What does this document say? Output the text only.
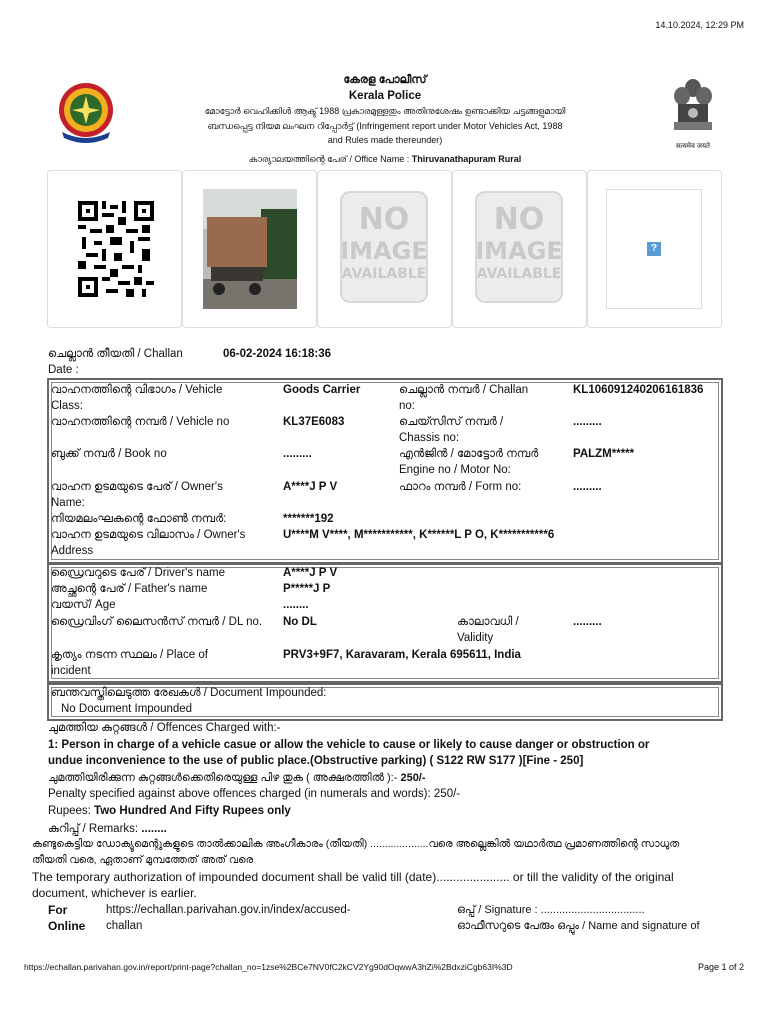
14.10.2024, 12:29 PM
सत्यमेव जयते
കേരള പോലീസ്
Kerala Police
മോട്ടോർ വെഹിക്കിൾ ആക്ട് 1988 പ്രകാരമുള്ളതും അതിനുശേഷം ഉണ്ടാക്കിയ ചട്ടങ്ങളുമായി
ബന്ധപ്പെട്ട നിയമ ലംഘന റിപ്പോർട്ട് (Infringement report under Motor Vehicles Act, 1988
and Rules made thereunder)
കാര്യാലയത്തിന്റെ പേര് / Office Name : Thiruvanathapuram Rural
NO
IMAGE
AVAILABLE
NO
IMAGE
AVAILABLE
?
ചെല്ലാൻ തീയതി / Challan
Date :
06-02-2024 16:18:36
വാഹനത്തിന്റെ വിഭാഗം / Vehicle
Class:
Goods Carrier	ചെല്ലാൻ നമ്പർ / Challan
no:
KL106091240206161836
വാഹനത്തിന്റെ നമ്പർ / Vehicle no	KL37E6083	ചെയ്സിസ് നമ്പർ /
Chassis no:
.........
ബുക്ക് നമ്പർ / Book no	.........	എൻജിൻ / മോട്ടോർ നമ്പർ
Engine no / Motor No:
PALZM*****
വാഹന ഉടമയുടെ പേര് / Owner's
Name:
A****J P V	ഫാറം നമ്പർ / Form no:	.........
നിയമലംഘകന്റെ ഫോൺ നമ്പർ:	*******192
വാഹന ഉടമയുടെ വിലാസം / Owner's
Address
U****M V****, M***********, K******L P O, K***********6
ഡ്രൈവറുടെ പേര് / Driver's name	A****J P V
അച്ഛന്റെ പേര് / Father's name	P*****J P
വയസ്/ Age	........
ഡ്രൈവിംഗ് ലൈസൻസ് നമ്പർ / DL no. No DL	കാലാവധി /
Validity
.........
കൃത്യം നടന്ന സ്ഥലം / Place of
incident
PRV3+9F7, Karavaram, Kerala 695611, India
ബന്തവസ്തിലെടുത്ത രേഖകൾ / Document Impounded:
No Document Impounded
ചുമത്തിയ കുറ്റങ്ങൾ / Offences Charged with:-
1: Person in charge of a vehicle casue or allow the vehicle to cause or likely to cause danger or obstruction or
undue inconvenience to the use of public place.(Obstructive parking) ( S122 RW S177 )[Fine - 250]
ചുമത്തിയിരിക്കുന്ന കുറ്റങ്ങൾക്കെതിരെയുള്ള പിഴ തുക ( അക്ഷരത്തിൽ ):- 250/-
Penalty specified against above offences charged (in numerals and words): 250/-
Rupees: Two Hundred And Fifty Rupees only
കുറിപ്പ് / Remarks: ........
കണ്ടുകെട്ടിയ ഡോക്യുമെന്റുകളുടെ താൽക്കാലിക അംഗീകാരം (തീയതി) ....................വരെ അല്ലെങ്കിൽ യഥാർത്ഥ പ്രമാണത്തിന്റെ സാധുത
തീയതി വരെ, ഏതാണ് മുമ്പത്തേത് അത് വരെ
The temporary authorization of impounded document shall be valid till (date)...................... or till the validity of the original
document, whichever is earlier.
For
Online
https://echallan.parivahan.gov.in/index/accused-
challan
ഒപ്പ് / Signature : ..................................
ഓഫീസറുടെ പേരും ഒപ്പും / Name and signature of
https://echallan.parivahan.gov.in/report/print-page?challan_no=1zse%2BCe7NV0fC2kCV2Yg90dOqwwA3hZi%2BdxziCgb63I%3D	Page 1 of 2
